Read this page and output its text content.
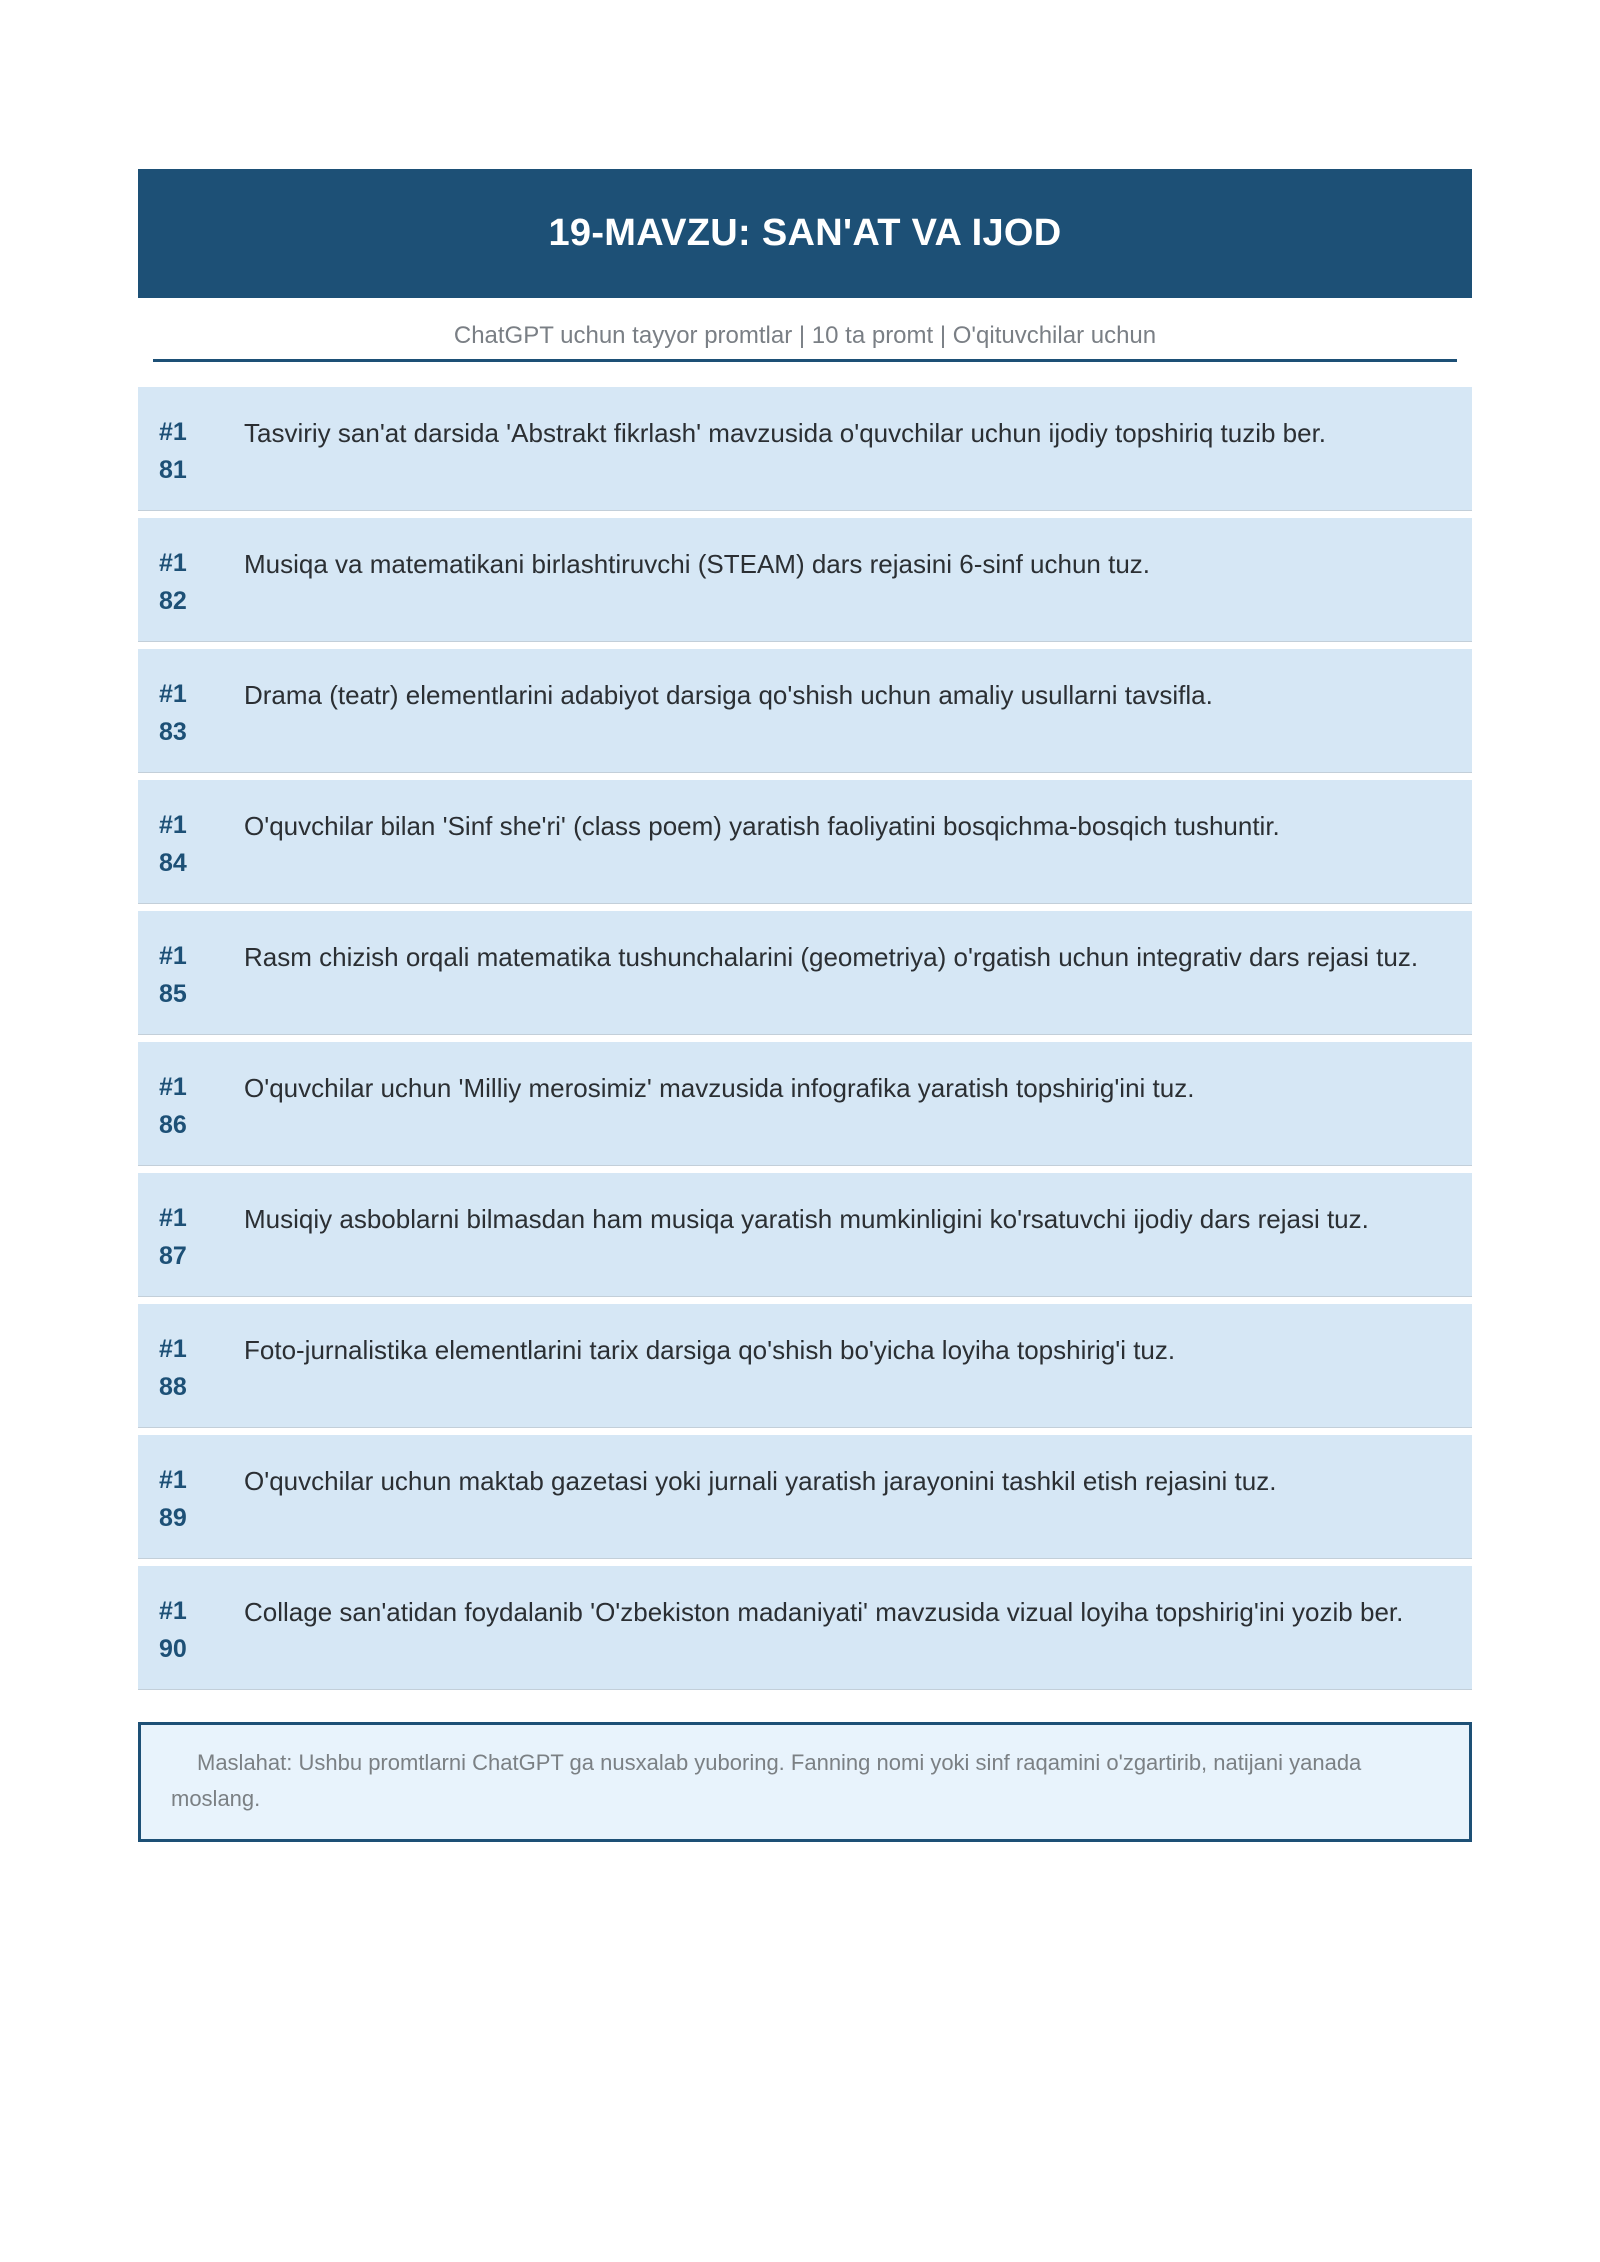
19-MAVZU: SAN'AT VA IJOD
ChatGPT uchun tayyor promtlar | 10 ta promt | O'qituvchilar uchun
#1
81
Tasviriy san'at darsida 'Abstrakt fikrlash' mavzusida o'quvchilar uchun ijodiy topshiriq tuzib ber.
#1
82
Musiqa va matematikani birlashtiruvchi (STEAM) dars rejasini 6-sinf uchun tuz.
#1
83
Drama (teatr) elementlarini adabiyot darsiga qo'shish uchun amaliy usullarni tavsifla.
#1
84
O'quvchilar bilan 'Sinf she'ri' (class poem) yaratish faoliyatini bosqichma-bosqich tushuntir.
#1
85
Rasm chizish orqali matematika tushunchalarini (geometriya) o'rgatish uchun integrativ dars rejasi tuz.
#1
86
O'quvchilar uchun 'Milliy merosimiz' mavzusida infografika yaratish topshirig'ini tuz.
#1
87
Musiqiy asboblarni bilmasdan ham musiqa yaratish mumkinligini ko'rsatuvchi ijodiy dars rejasi tuz.
#1
88
Foto-jurnalistika elementlarini tarix darsiga qo'shish bo'yicha loyiha topshirig'i tuz.
#1
89
O'quvchilar uchun maktab gazetasi yoki jurnali yaratish jarayonini tashkil etish rejasini tuz.
#1
90
Collage san'atidan foydalanib 'O'zbekiston madaniyati' mavzusida vizual loyiha topshirig'ini yozib ber.
Maslahat: Ushbu promtlarni ChatGPT ga nusxalab yuboring. Fanning nomi yoki sinf raqamini o'zgartirib, natijani yanada moslang.
